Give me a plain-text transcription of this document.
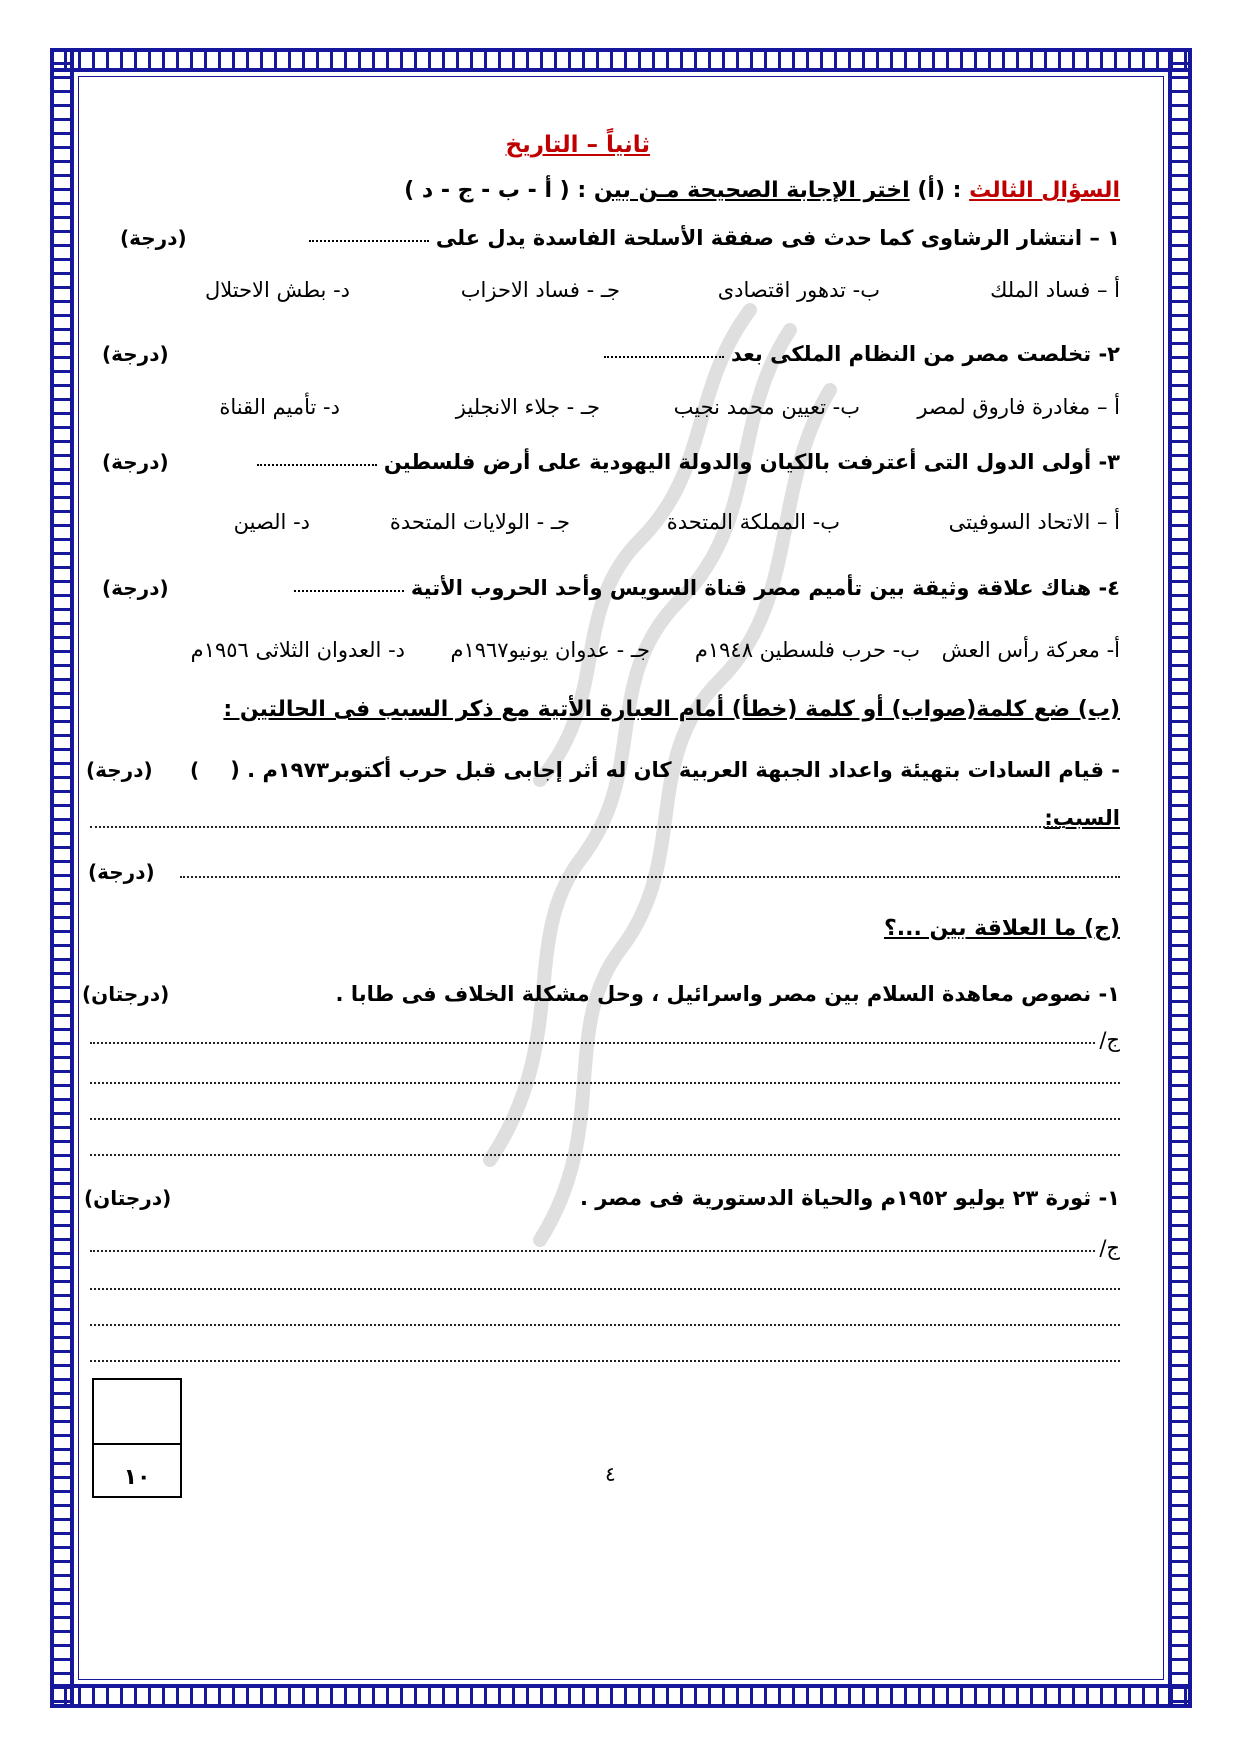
ثانياً – التاريخ
السؤال الثالث : (أ) اختر الإجابة الصحيحة مـن بين : ( أ - ب - ج - د )
١ – انتشار الرشاوى كما حدث فى صفقة الأسلحة الفاسدة يدل على
(درجة)
أ – فساد الملك
ب- تدهور اقتصادى
جـ - فساد الاحزاب
د- بطش الاحتلال
٢- تخلصت مصر من النظام الملكى بعد
(درجة)
أ – مغادرة فاروق لمصر
ب- تعيين محمد نجيب
جـ - جلاء الانجليز
د- تأميم القناة
٣- أولى الدول التى أعترفت بالكيان والدولة اليهودية على أرض فلسطين
(درجة)
أ – الاتحاد السوفيتى
ب- المملكة المتحدة
جـ - الولايات المتحدة
د- الصين
٤- هناك علاقة وثيقة بين تأميم مصر قناة السويس وأحد الحروب الأتية
(درجة)
أ- معركة رأس العش
ب- حرب فلسطين ١٩٤٨م
جـ - عدوان يونيو١٩٦٧م
د- العدوان الثلاثى ١٩٥٦م
(ب) ضع كلمة(صواب) أو كلمة (خطأ) أمام العبارة الأتية مع ذكر السبب فى الحالتين :
- قيام السادات بتهيئة واعداد الجبهة العربية كان له أثر إجابى قبل حرب أكتوبر١٩٧٣م . (
)
(درجة)
السبب:
(درجة)
(ج) ما العلاقة بين ...؟
١- نصوص معاهدة السلام بين مصر واسرائيل ، وحل مشكلة الخلاف فى طابا .
(درجتان)
ج/
١- ثورة ٢٣ يوليو ١٩٥٢م والحياة الدستورية فى مصر .
(درجتان)
ج/
١٠	٤
